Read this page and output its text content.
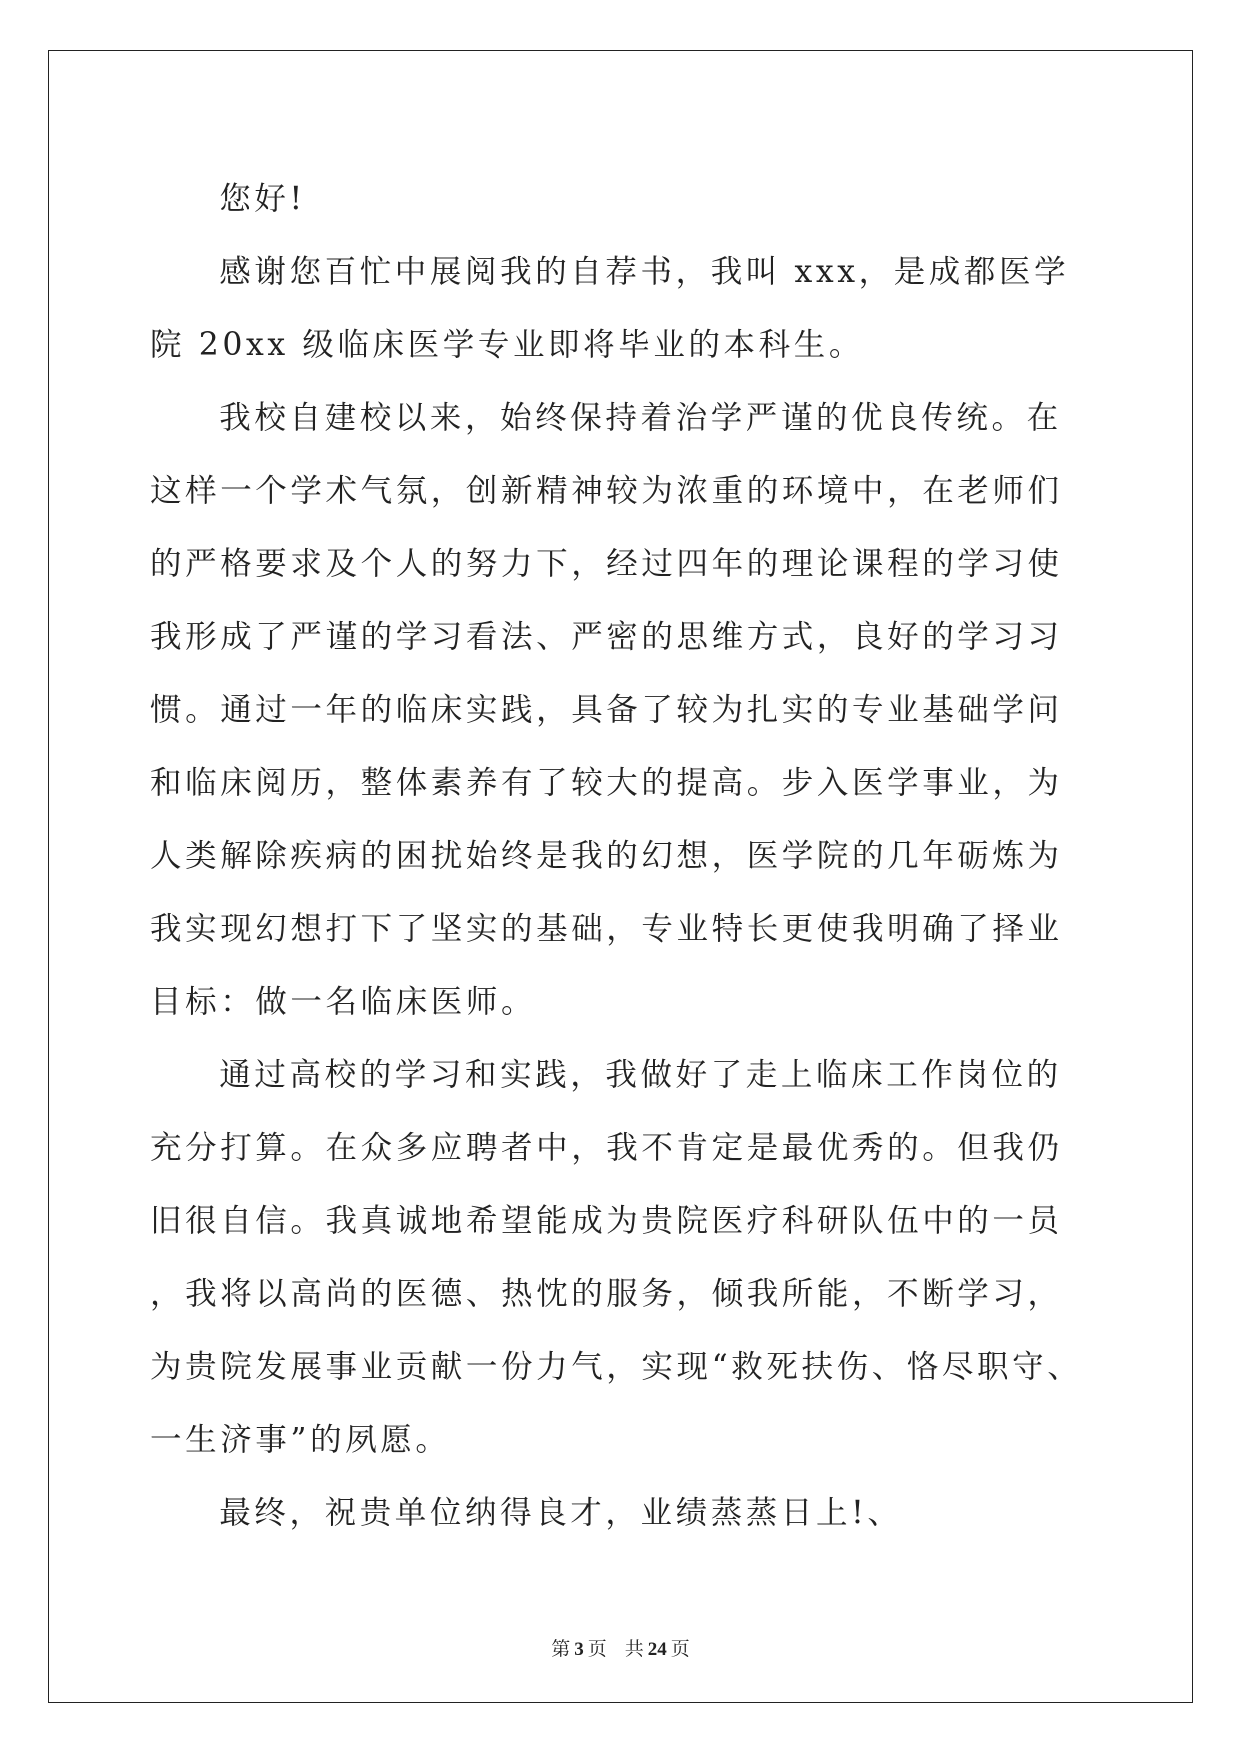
您好!

感谢您百忙中展阅我的自荐书，我叫 xxx，是成都医学院 20xx 级临床医学专业即将毕业的本科生。

我校自建校以来，始终保持着治学严谨的优良传统。在这样一个学术气氛，创新精神较为浓重的环境中，在老师们的严格要求及个人的努力下，经过四年的理论课程的学习使我形成了严谨的学习看法、严密的思维方式，良好的学习习惯。通过一年的临床实践，具备了较为扎实的专业基础学问和临床阅历，整体素养有了较大的提高。步入医学事业，为人类解除疾病的困扰始终是我的幻想，医学院的几年砺炼为我实现幻想打下了坚实的基础，专业特长更使我明确了择业目标：做一名临床医师。

通过高校的学习和实践，我做好了走上临床工作岗位的充分打算。在众多应聘者中，我不肯定是最优秀的。但我仍旧很自信。我真诚地希望能成为贵院医疗科研队伍中的一员，我将以高尚的医德、热忱的服务，倾我所能，不断学习，为贵院发展事业贡献一份力气，实现“救死扶伤、恪尽职守、一生济事”的夙愿。

最终，祝贵单位纳得良才，业绩蒸蒸日上!、

第 3 页 共 24 页
